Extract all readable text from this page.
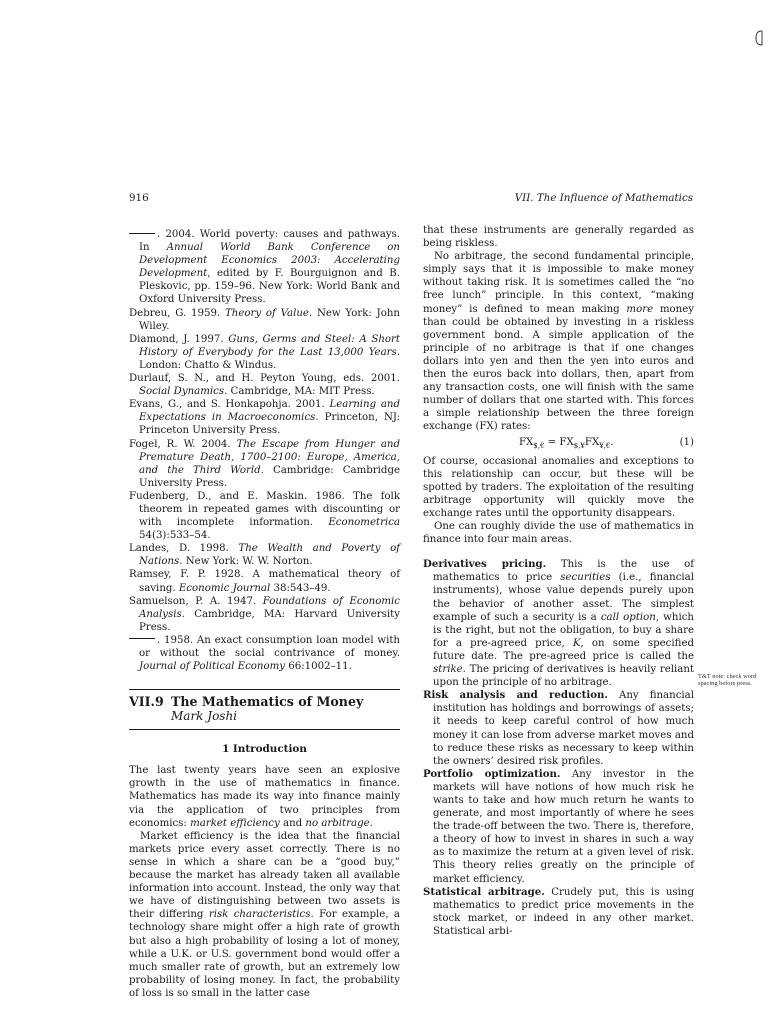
916	VII. The Influence of Mathematics

. 2004. World poverty: causes and pathways. In Annual World Bank Conference on Development Economics 2003: Accelerating Development, edited by F. Bourguignon and B. Pleskovic, pp. 159–96. New York: World Bank and Oxford University Press.

Debreu, G. 1959. Theory of Value. New York: John Wiley.

Diamond, J. 1997. Guns, Germs and Steel: A Short History of Everybody for the Last 13,000 Years. London: Chatto & Windus.

Durlauf, S. N., and H. Peyton Young, eds. 2001. Social Dynamics. Cambridge, MA: MIT Press.

Evans, G., and S. Honkapohja. 2001. Learning and Expectations in Macroeconomics. Princeton, NJ: Princeton University Press.

Fogel, R. W. 2004. The Escape from Hunger and Premature Death, 1700–2100: Europe, America, and the Third World. Cambridge: Cambridge University Press.

Fudenberg, D., and E. Maskin. 1986. The folk theorem in repeated games with discounting or with incomplete information. Econometrica 54(3):533–54.

Landes, D. 1998. The Wealth and Poverty of Nations. New York: W. W. Norton.

Ramsey, F. P. 1928. A mathematical theory of saving. Economic Journal 38:543–49.

Samuelson, P. A. 1947. Foundations of Economic Analysis. Cambridge, MA: Harvard University Press.

. 1958. An exact consumption loan model with or without the social contrivance of money. Journal of Political Economy 66:1002–11.

VII.9 The Mathematics of Money
Mark Joshi
1 Introduction

The last twenty years have seen an explosive growth in the use of mathematics in finance. Mathematics has made its way into finance mainly via the application of two principles from economics: market efficiency and no arbitrage.

Market efficiency is the idea that the financial markets price every asset correctly. There is no sense in which a share can be a “good buy,” because the market has already taken all available information into account. Instead, the only way that we have of distinguishing between two assets is their differing risk characteristics. For example, a technology share might offer a high rate of growth but also a high probability of losing a lot of money, while a U.K. or U.S. government bond would offer a much smaller rate of growth, but an extremely low probability of losing money. In fact, the probability of loss is so small in the latter case

that these instruments are generally regarded as being riskless.

No arbitrage, the second fundamental principle, simply says that it is impossible to make money without taking risk. It is sometimes called the “no free lunch” principle. In this context, “making money” is defined to mean making more money than could be obtained by investing in a riskless government bond. A simple application of the principle of no arbitrage is that if one changes dollars into yen and then the yen into euros and then the euros back into dollars, then, apart from any transaction costs, one will finish with the same number of dollars that one started with. This forces a simple relationship between the three foreign exchange (FX) rates:

$FX_{\$,€} = FX_{\$,¥}FX_{¥,€}$.	(1)

Of course, occasional anomalies and exceptions to this relationship can occur, but these will be spotted by traders. The exploitation of the resulting arbitrage opportunity will quickly move the exchange rates until the opportunity disappears.

One can roughly divide the use of mathematics in finance into four main areas.

Derivatives pricing. This is the use of mathematics to price securities (i.e., financial instruments), whose value depends purely upon the behavior of another asset. The simplest example of such a security is a call option, which is the right, but not the obligation, to buy a share for a pre-agreed price, K, on some specified future date. The pre-agreed price is called the strike. The pricing of derivatives is heavily reliant upon the principle of no arbitrage.

Risk analysis and reduction. Any financial institution has holdings and borrowings of assets; it needs to keep careful control of how much money it can lose from adverse market moves and to reduce these risks as necessary to keep within the owners’ desired risk profiles.

Portfolio optimization. Any investor in the markets will have notions of how much risk he wants to take and how much return he wants to generate, and most importantly of where he sees the trade-off between the two. There is, therefore, a theory of how to invest in shares in such a way as to maximize the return at a given level of risk. This theory relies greatly on the principle of market efficiency.

Statistical arbitrage. Crudely put, this is using mathematics to predict price movements in the stock market, or indeed in any other market. Statistical arbi-

T&T note: check word spacing before press.
